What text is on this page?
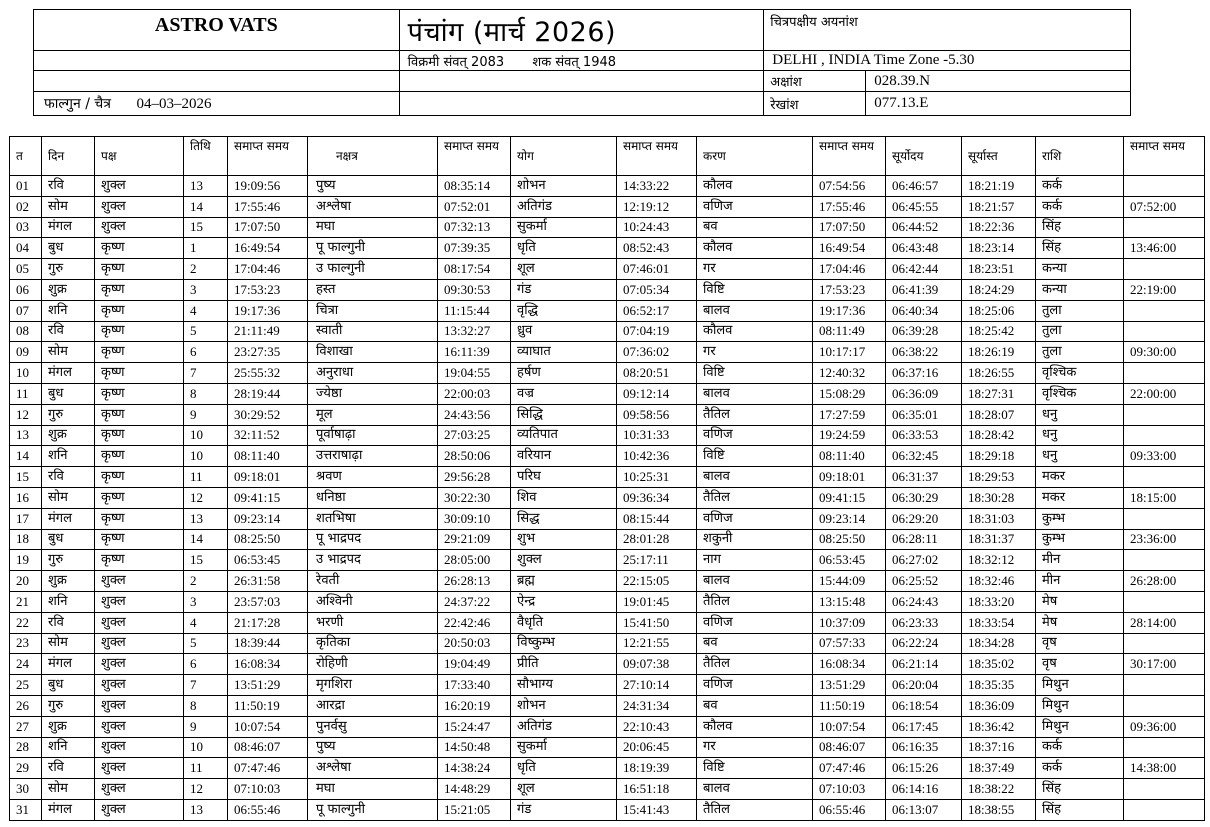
ASTRO VATS	पंचांग (मार्च 2026)	चित्रपक्षीय अयनांश	
	विक्रमी संवत् 2083 शक संवत् 1948	DELHI , INDIA Time Zone -5.30	
		अक्षांश	028.39.N
फाल्गुन / चैत्र 04–03–2026		रेखांश	077.13.E
त	दिन	पक्ष	तिथि	समाप्त समय	नक्षत्र	समाप्त समय	योग	समाप्त समय	करण	समाप्त समय	सूर्योदय	सूर्यास्त	राशि	समाप्त समय
01	रवि	शुक्ल	13	19:09:56	पुष्य	08:35:14	शोभन	14:33:22	कौलव	07:54:56	06:46:57	18:21:19	कर्क	
02	सोम	शुक्ल	14	17:55:46	अश्लेषा	07:52:01	अतिगंड	12:19:12	वणिज	17:55:46	06:45:55	18:21:57	कर्क	07:52:00
03	मंगल	शुक्ल	15	17:07:50	मघा	07:32:13	सुकर्मा	10:24:43	बव	17:07:50	06:44:52	18:22:36	सिंह	
04	बुध	कृष्ण	1	16:49:54	पू फाल्गुनी	07:39:35	धृति	08:52:43	कौलव	16:49:54	06:43:48	18:23:14	सिंह	13:46:00
05	गुरु	कृष्ण	2	17:04:46	उ फाल्गुनी	08:17:54	शूल	07:46:01	गर	17:04:46	06:42:44	18:23:51	कन्या	
06	शुक्र	कृष्ण	3	17:53:23	हस्त	09:30:53	गंड	07:05:34	विष्टि	17:53:23	06:41:39	18:24:29	कन्या	22:19:00
07	शनि	कृष्ण	4	19:17:36	चित्रा	11:15:44	वृद्धि	06:52:17	बालव	19:17:36	06:40:34	18:25:06	तुला	
08	रवि	कृष्ण	5	21:11:49	स्वाती	13:32:27	ध्रुव	07:04:19	कौलव	08:11:49	06:39:28	18:25:42	तुला	
09	सोम	कृष्ण	6	23:27:35	विशाखा	16:11:39	व्याघात	07:36:02	गर	10:17:17	06:38:22	18:26:19	तुला	09:30:00
10	मंगल	कृष्ण	7	25:55:32	अनुराधा	19:04:55	हर्षण	08:20:51	विष्टि	12:40:32	06:37:16	18:26:55	वृश्चिक	
11	बुध	कृष्ण	8	28:19:44	ज्येष्ठा	22:00:03	वज्र	09:12:14	बालव	15:08:29	06:36:09	18:27:31	वृश्चिक	22:00:00
12	गुरु	कृष्ण	9	30:29:52	मूल	24:43:56	सिद्धि	09:58:56	तैतिल	17:27:59	06:35:01	18:28:07	धनु	
13	शुक्र	कृष्ण	10	32:11:52	पूर्वाषाढ़ा	27:03:25	व्यतिपात	10:31:33	वणिज	19:24:59	06:33:53	18:28:42	धनु	
14	शनि	कृष्ण	10	08:11:40	उत्तराषाढ़ा	28:50:06	वरियान	10:42:36	विष्टि	08:11:40	06:32:45	18:29:18	धनु	09:33:00
15	रवि	कृष्ण	11	09:18:01	श्रवण	29:56:28	परिघ	10:25:31	बालव	09:18:01	06:31:37	18:29:53	मकर	
16	सोम	कृष्ण	12	09:41:15	धनिष्ठा	30:22:30	शिव	09:36:34	तैतिल	09:41:15	06:30:29	18:30:28	मकर	18:15:00
17	मंगल	कृष्ण	13	09:23:14	शतभिषा	30:09:10	सिद्ध	08:15:44	वणिज	09:23:14	06:29:20	18:31:03	कुम्भ	
18	बुध	कृष्ण	14	08:25:50	पू भाद्रपद	29:21:09	शुभ	28:01:28	शकुनी	08:25:50	06:28:11	18:31:37	कुम्भ	23:36:00
19	गुरु	कृष्ण	15	06:53:45	उ भाद्रपद	28:05:00	शुक्ल	25:17:11	नाग	06:53:45	06:27:02	18:32:12	मीन	
20	शुक्र	शुक्ल	2	26:31:58	रेवती	26:28:13	ब्रह्म	22:15:05	बालव	15:44:09	06:25:52	18:32:46	मीन	26:28:00
21	शनि	शुक्ल	3	23:57:03	अश्विनी	24:37:22	ऐन्द्र	19:01:45	तैतिल	13:15:48	06:24:43	18:33:20	मेष	
22	रवि	शुक्ल	4	21:17:28	भरणी	22:42:46	वैधृति	15:41:50	वणिज	10:37:09	06:23:33	18:33:54	मेष	28:14:00
23	सोम	शुक्ल	5	18:39:44	कृतिका	20:50:03	विष्कुम्भ	12:21:55	बव	07:57:33	06:22:24	18:34:28	वृष	
24	मंगल	शुक्ल	6	16:08:34	रोहिणी	19:04:49	प्रीति	09:07:38	तैतिल	16:08:34	06:21:14	18:35:02	वृष	30:17:00
25	बुध	शुक्ल	7	13:51:29	मृगशिरा	17:33:40	सौभाग्य	27:10:14	वणिज	13:51:29	06:20:04	18:35:35	मिथुन	
26	गुरु	शुक्ल	8	11:50:19	आरद्रा	16:20:19	शोभन	24:31:34	बव	11:50:19	06:18:54	18:36:09	मिथुन	
27	शुक्र	शुक्ल	9	10:07:54	पुनर्वसु	15:24:47	अतिगंड	22:10:43	कौलव	10:07:54	06:17:45	18:36:42	मिथुन	09:36:00
28	शनि	शुक्ल	10	08:46:07	पुष्य	14:50:48	सुकर्मा	20:06:45	गर	08:46:07	06:16:35	18:37:16	कर्क	
29	रवि	शुक्ल	11	07:47:46	अश्लेषा	14:38:24	धृति	18:19:39	विष्टि	07:47:46	06:15:26	18:37:49	कर्क	14:38:00
30	सोम	शुक्ल	12	07:10:03	मघा	14:48:29	शूल	16:51:18	बालव	07:10:03	06:14:16	18:38:22	सिंह	
31	मंगल	शुक्ल	13	06:55:46	पू फाल्गुनी	15:21:05	गंड	15:41:43	तैतिल	06:55:46	06:13:07	18:38:55	सिंह	
